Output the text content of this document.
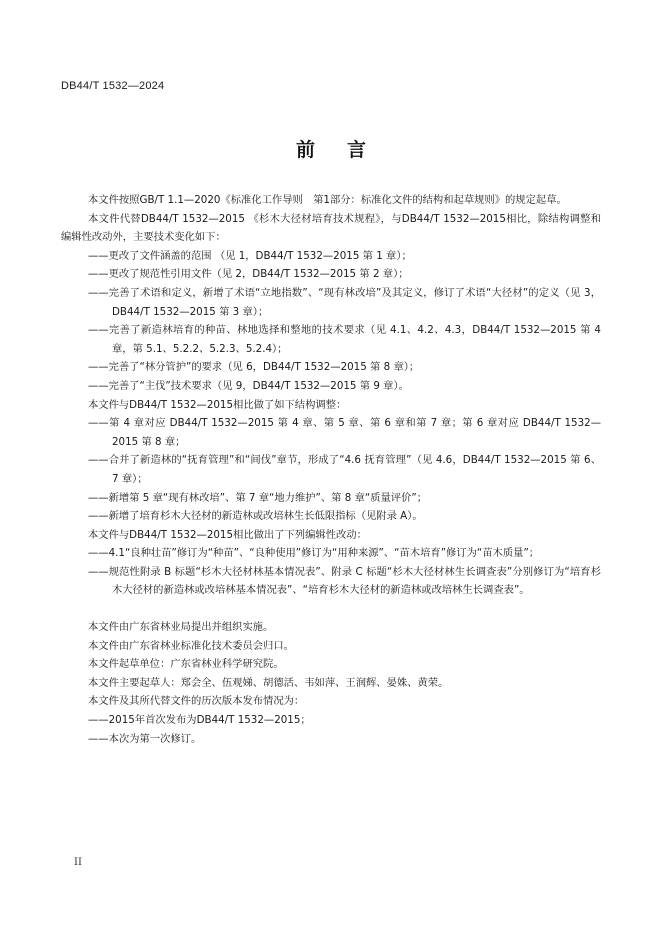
DB44/T 1532—2024
前言

本文件按照GB/T 1.1—2020《标准化工作导则　第1部分：标准化文件的结构和起草规则》的规定起草。

本文件代替DB44/T 1532—2015 《杉木大径材培育技术规程》，与DB44/T 1532—2015相比，除结构调整和编辑性改动外，主要技术变化如下：

——更改了文件涵盖的范围 （见 1，DB44/T 1532—2015 第 1 章）；

——更改了规范性引用文件（见 2，DB44/T 1532—2015 第 2 章）；

——完善了术语和定义，新增了术语“立地指数”、“现有林改培”及其定义，修订了术语“大径材”的定义（见 3，DB44/T 1532—2015 第 3 章）；

——完善了新造林培育的种苗、林地选择和整地的技术要求（见 4.1、4.2、4.3，DB44/T 1532—2015 第 4 章，第 5.1、5.2.2、5.2.3、5.2.4）；

——完善了“林分管护”的要求（见 6，DB44/T 1532—2015 第 8 章）；

——完善了“主伐”技术要求（见 9，DB44/T 1532—2015 第 9 章）。

本文件与DB44/T 1532—2015相比做了如下结构调整：

——第 4 章对应 DB44/T 1532—2015 第 4 章、第 5 章、第 6 章和第 7 章；第 6 章对应 DB44/T 1532—2015 第 8 章；

——合并了新造林的“抚育管理”和“间伐”章节，形成了“4.6 抚育管理”（见 4.6，DB44/T 1532—2015 第 6、7 章）；

——新增第 5 章“现有林改培”、第 7 章“地力维护”、第 8 章“质量评价”；

——新增了培育杉木大径材的新造林或改培林生长低限指标（见附录 A）。

本文件与DB44/T 1532—2015相比做出了下列编辑性改动：

——4.1“良种壮苗”修订为“种苗”、“良种使用”修订为“用种来源”、“苗木培育”修订为“苗木质量”；

——规范性附录 B 标题“杉木大径材林基本情况表”、附录 C 标题“杉木大径材林生长调查表”分别修订为“培育杉木大径材的新造林或改培林基本情况表”、“培育杉木大径材的新造林或改培林生长调查表”。

本文件由广东省林业局提出并组织实施。

本文件由广东省林业标准化技术委员会归口。

本文件起草单位：广东省林业科学研究院。

本文件主要起草人：郑会全、伍观娣、胡德活、韦如萍、王润辉、晏姝、黄荣。

本文件及其所代替文件的历次版本发布情况为：

——2015年首次发布为DB44/T 1532—2015；

——本次为第一次修订。

II
